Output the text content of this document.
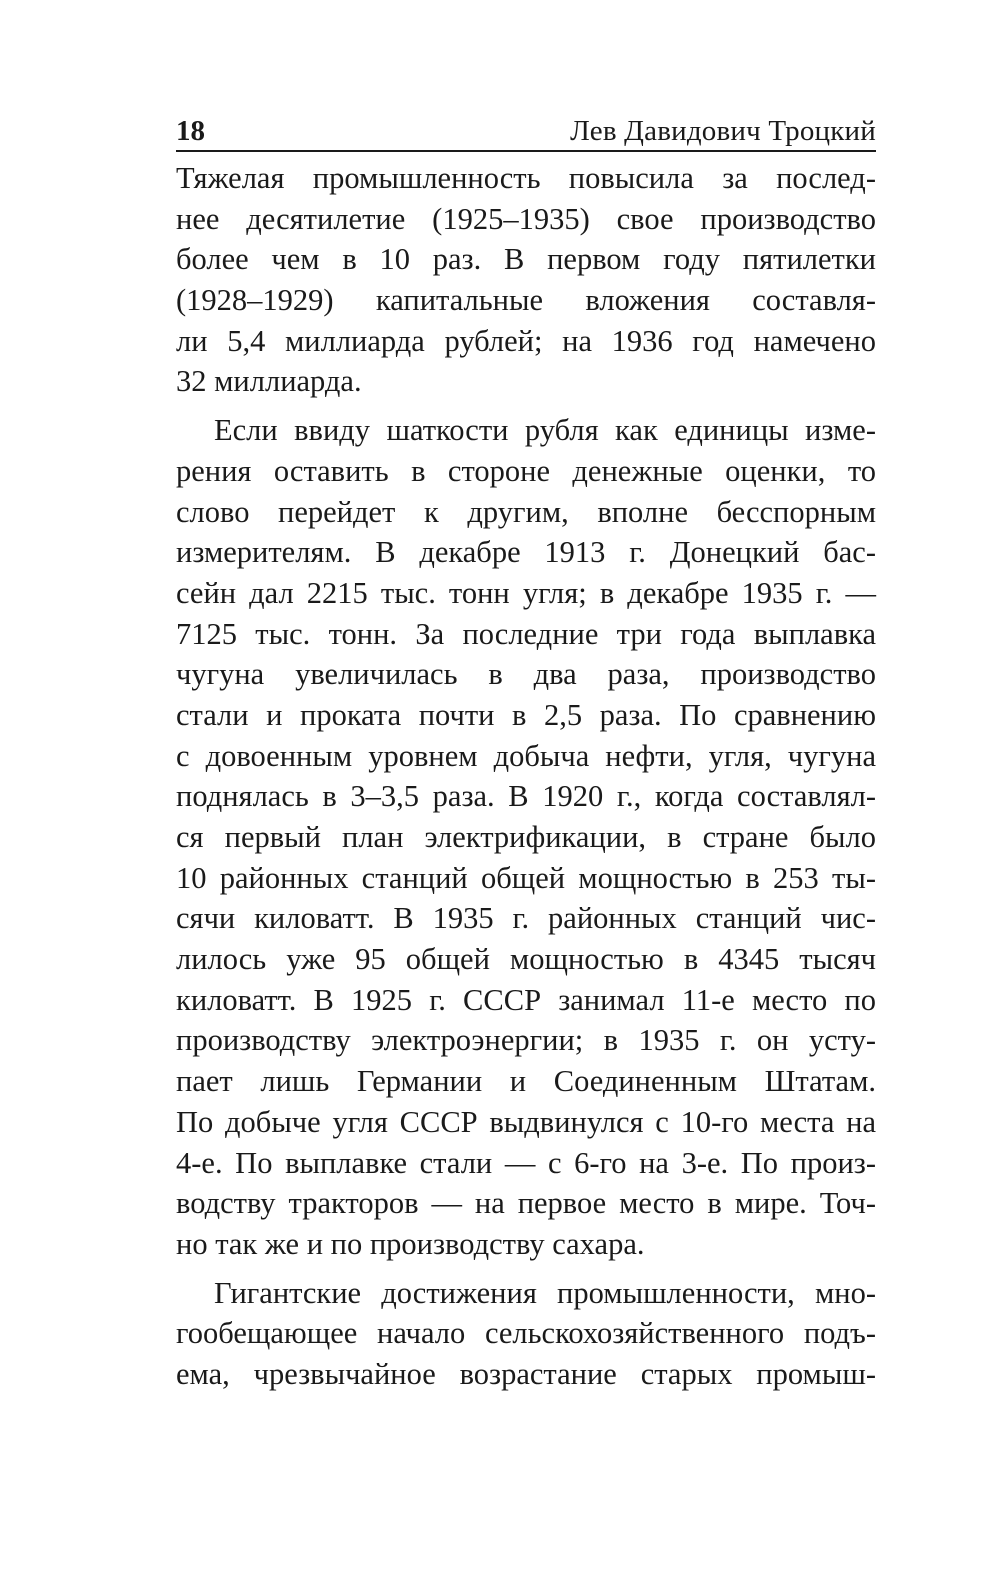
18	Лев Давидович Троцкий
Тяжелая промышленность повысила за послед-
нее десятилетие (1925–1935) свое производство
более чем в 10 раз. В первом году пятилетки
(1928–1929) капитальные вложения составля-
ли 5,4 миллиарда рублей; на 1936 год намечено
32 миллиарда.
Если ввиду шаткости рубля как единицы изме-
рения оставить в стороне денежные оценки, то
слово перейдет к другим, вполне бесспорным
измерителям. В декабре 1913 г. Донецкий бас-
сейн дал 2215 тыс. тонн угля; в декабре 1935 г. —
7125 тыс. тонн. За последние три года выплавка
чугуна увеличилась в два раза, производство
стали и проката почти в 2,5 раза. По сравнению
с довоенным уровнем добыча нефти, угля, чугуна
поднялась в 3–3,5 раза. В 1920 г., когда составлял-
ся первый план электрификации, в стране было
10 районных станций общей мощностью в 253 ты-
сячи киловатт. В 1935 г. районных станций чис-
лилось уже 95 общей мощностью в 4345 тысяч
киловатт. В 1925 г. СССР занимал 11-е место по
производству электроэнергии; в 1935 г. он усту-
пает лишь Германии и Соединенным Штатам.
По добыче угля СССР выдвинулся с 10-го места на
4-е. По выплавке стали — с 6-го на 3-е. По произ-
водству тракторов — на первое место в мире. Точ-
но так же и по производству сахара.
Гигантские достижения промышленности, мно-
гообещающее начало сельскохозяйственного подъ-
ема, чрезвычайное возрастание старых промыш-
